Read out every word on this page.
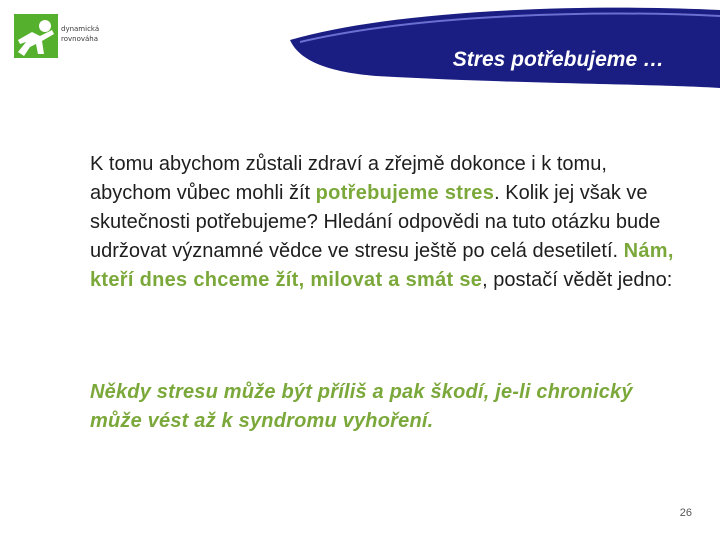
dynamická
rovnováha
Stres potřebujeme …
K tomu abychom zůstali zdraví a zřejmě dokonce i k tomu, abychom vůbec mohli žít potřebujeme stres. Kolik jej však ve skutečnosti potřebujeme? Hledání odpovědi na tuto otázku bude udržovat významné vědce ve stresu ještě po celá desetiletí. Nám, kteří dnes chceme žít, milovat a smát se, postačí vědět jedno:
Někdy stresu může být příliš a pak škodí, je-li chronický může vést až k syndromu vyhoření.
26
